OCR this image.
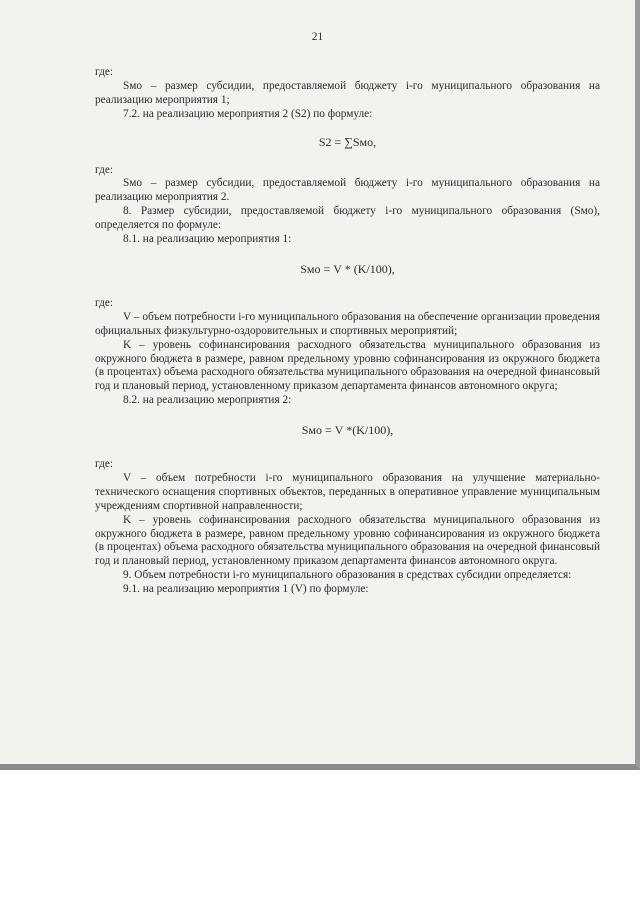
21

где:

Sмо – размер субсидии, предоставляемой бюджету i-го муниципального образования на реализацию мероприятия 1;

7.2. на реализацию мероприятия 2 (S2) по формуле:

S2 = ∑Sмо,

где:

Sмо – размер субсидии, предоставляемой бюджету i-го муниципального образования на реализацию мероприятия 2.

8. Размер субсидии, предоставляемой бюджету i-го муниципального образования (Sмо), определяется по формуле:

8.1. на реализацию мероприятия 1:

Sмо = V * (K/100),

где:

V – объем потребности i-го муниципального образования на обеспечение организации проведения официальных физкультурно-оздоровительных и спортивных мероприятий;

K – уровень софинансирования расходного обязательства муниципального образования из окружного бюджета в размере, равном предельному уровню софинансирования из окружного бюджета (в процентах) объема расходного обязательства муниципального образования на очередной финансовый год и плановый период, установленному приказом департамента финансов автономного округа;

8.2. на реализацию мероприятия 2:

Sмо = V *(K/100),

где:

V – объем потребности i-го муниципального образования на улучшение материально-технического оснащения спортивных объектов, переданных в оперативное управление муниципальным учреждениям спортивной направленности;

K – уровень софинансирования расходного обязательства муниципального образования из окружного бюджета в размере, равном предельному уровню софинансирования из окружного бюджета (в процентах) объема расходного обязательства муниципального образования на очередной финансовый год и плановый период, установленному приказом департамента финансов автономного округа.

9. Объем потребности i-го муниципального образования в средствах субсидии определяется:

9.1. на реализацию мероприятия 1 (V) по формуле:
